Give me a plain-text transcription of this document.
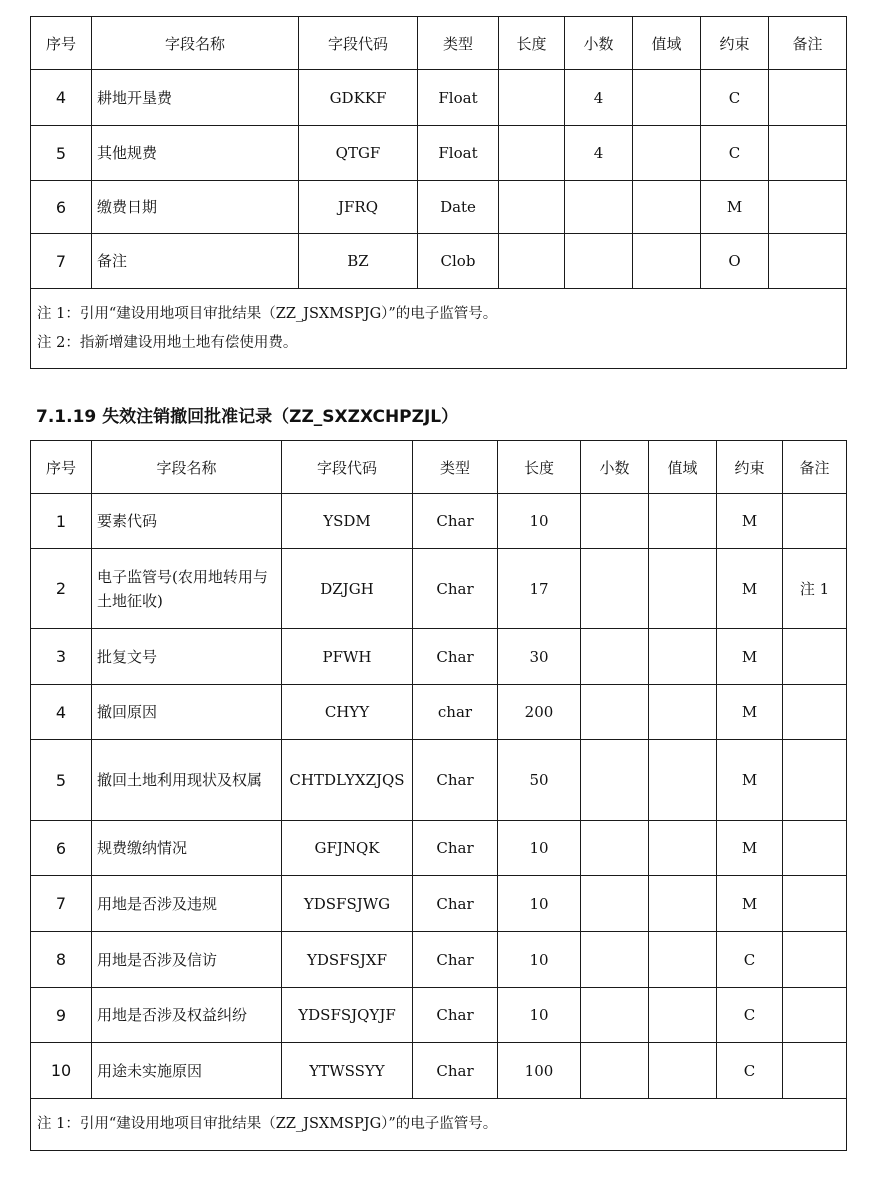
序号	字段名称	字段代码	类型	长度	小数	值域	约束	备注
4	耕地开垦费	GDKKF	Float		4		C	
5	其他规费	QTGF	Float		4		C	
6	缴费日期	JFRQ	Date				M	
7	备注	BZ	Clob				O	

注 1：引用“建设用地项目审批结果（ZZ_JSXMSPJG）”的电子监管号。
注 2：指新增建设用地土地有偿使用费。								
7.1.19 失效注销撤回批准记录（ZZ_SXZXCHPZJL）
序号	字段名称	字段代码	类型	长度	小数	值域	约束	备注
1	要素代码	YSDM	Char	10			M	
2	电子监管号(农用地转用与土地征收)	DZJGH	Char	17			M	注 1
3	批复文号	PFWH	Char	30			M	
4	撤回原因	CHYY	char	200			M	
5	撤回土地利用现状及权属	CHTDLYXZJQS	Char	50			M	
6	规费缴纳情况	GFJNQK	Char	10			M	
7	用地是否涉及违规	YDSFSJWG	Char	10			M	
8	用地是否涉及信访	YDSFSJXF	Char	10			C	
9	用地是否涉及权益纠纷	YDSFSJQYJF	Char	10			C	
10	用途未实施原因	YTWSSYY	Char	100			C	

注 1：引用“建设用地项目审批结果（ZZ_JSXMSPJG）”的电子监管号。								
